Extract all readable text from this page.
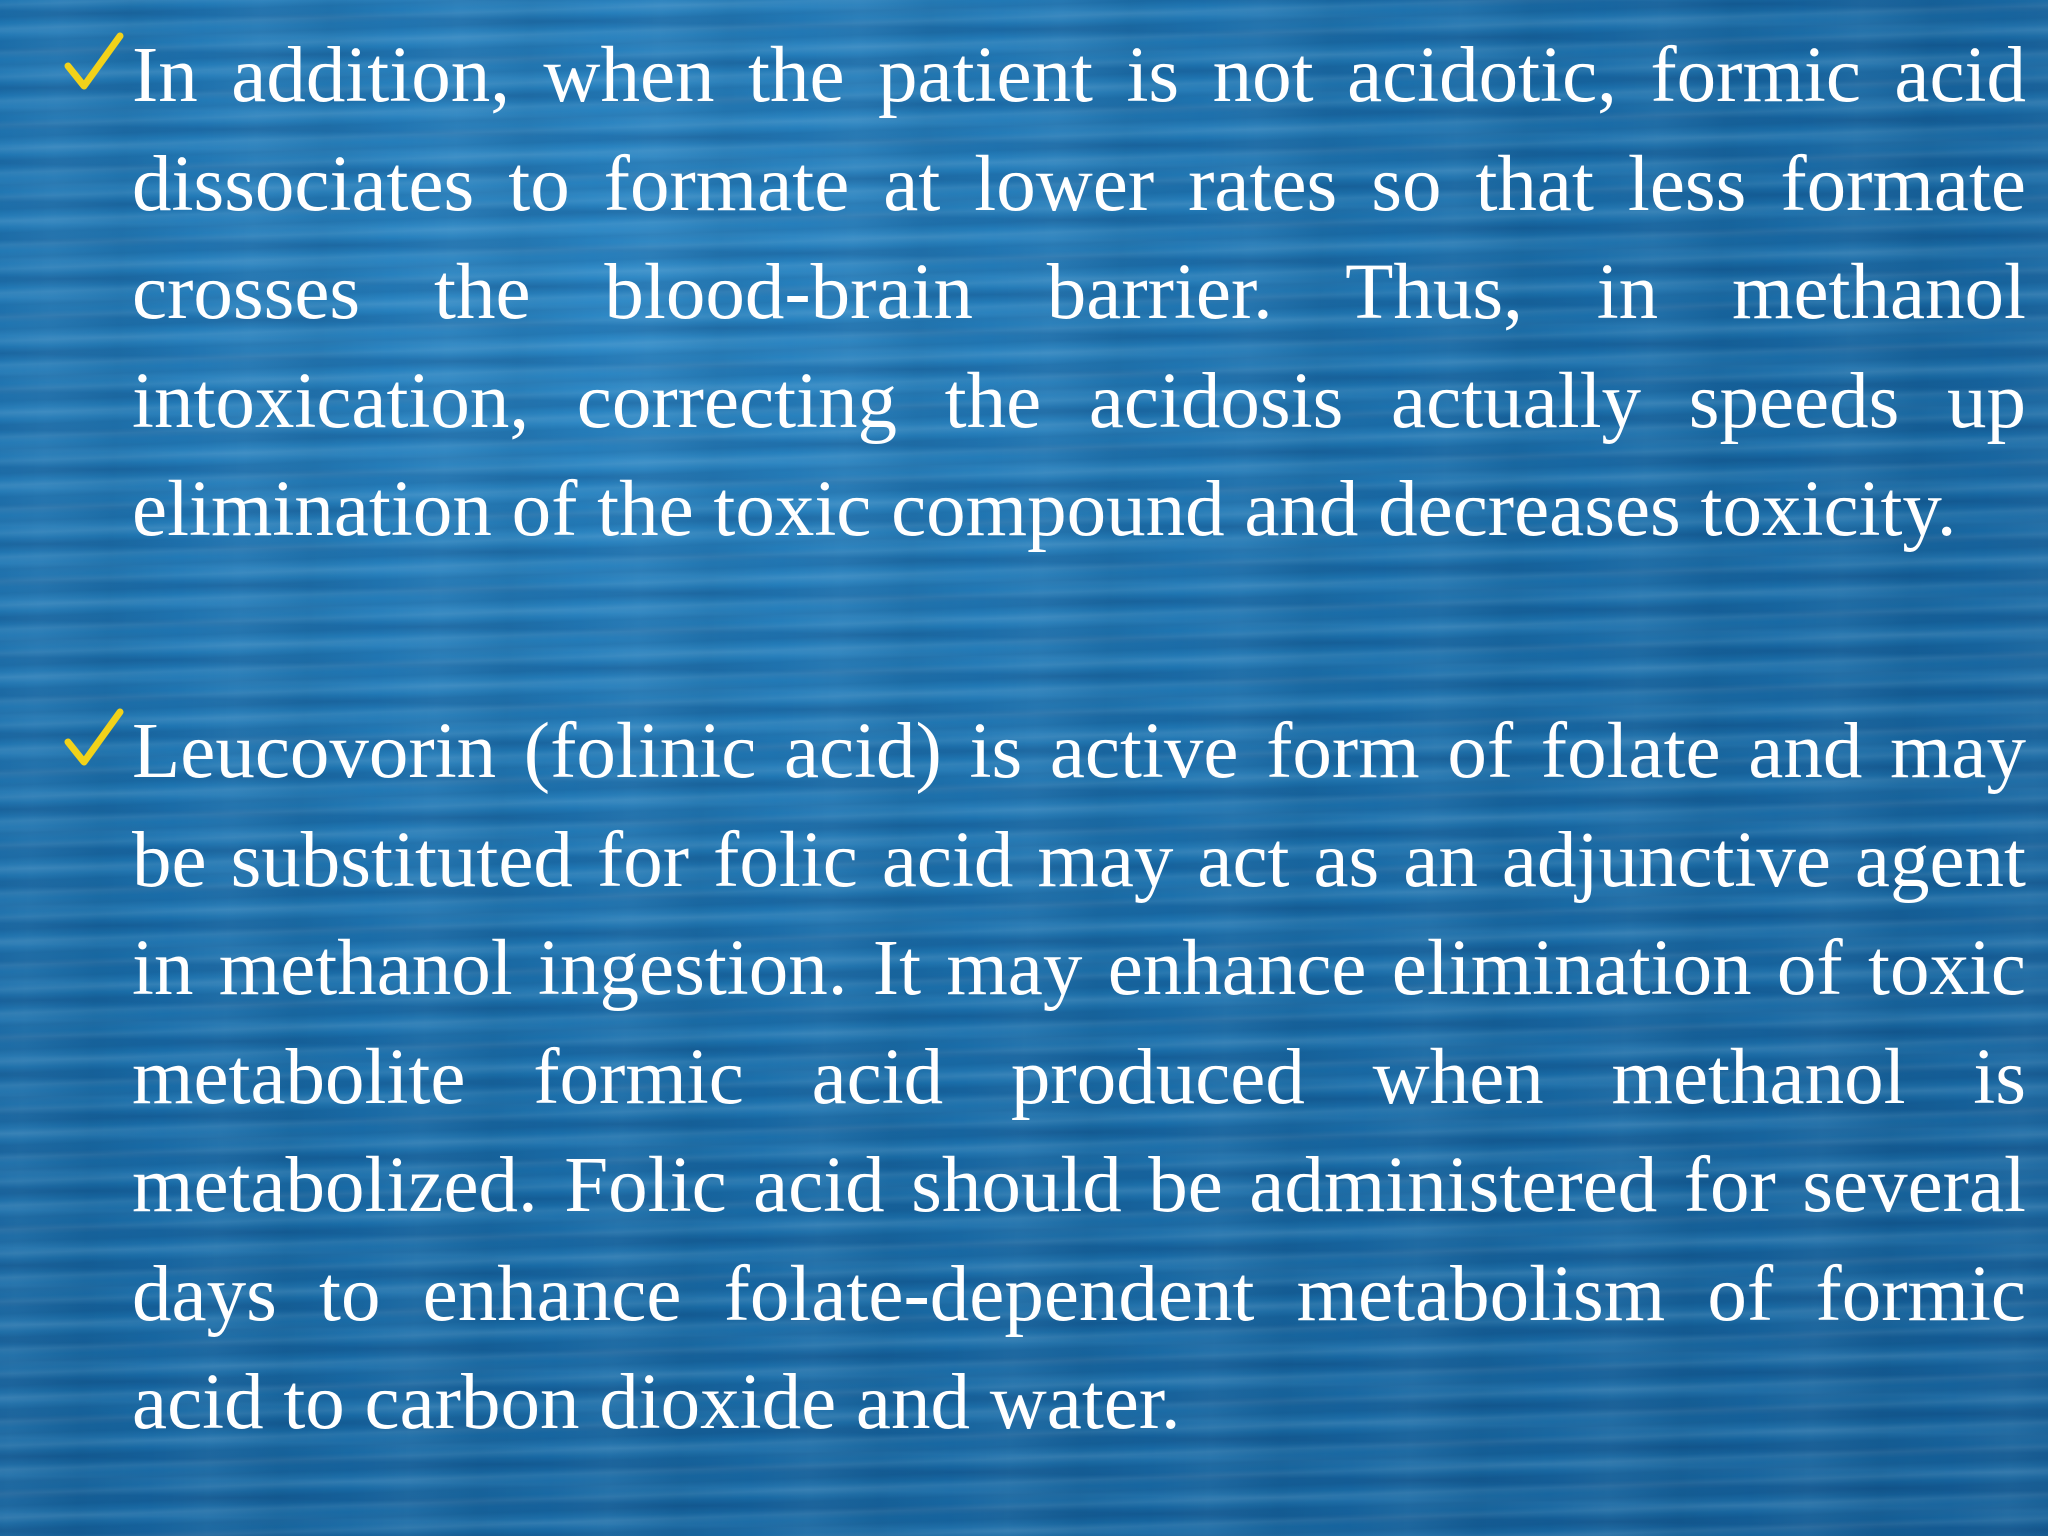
In addition, when the patient is not acidotic, formic acid dissociates to formate at lower rates so that less formate crosses the blood-brain barrier. Thus, in methanol intoxication, correcting the acidosis actually speeds up elimination of the toxic compound and decreases toxicity.
Leucovorin (folinic acid) is active form of folate and may be substituted for folic acid may act as an adjunctive agent in methanol ingestion. It may enhance elimination of toxic metabolite formic acid produced when methanol is metabolized. Folic acid should be administered for several days to enhance folate-dependent metabolism of formic acid to carbon dioxide and water.
